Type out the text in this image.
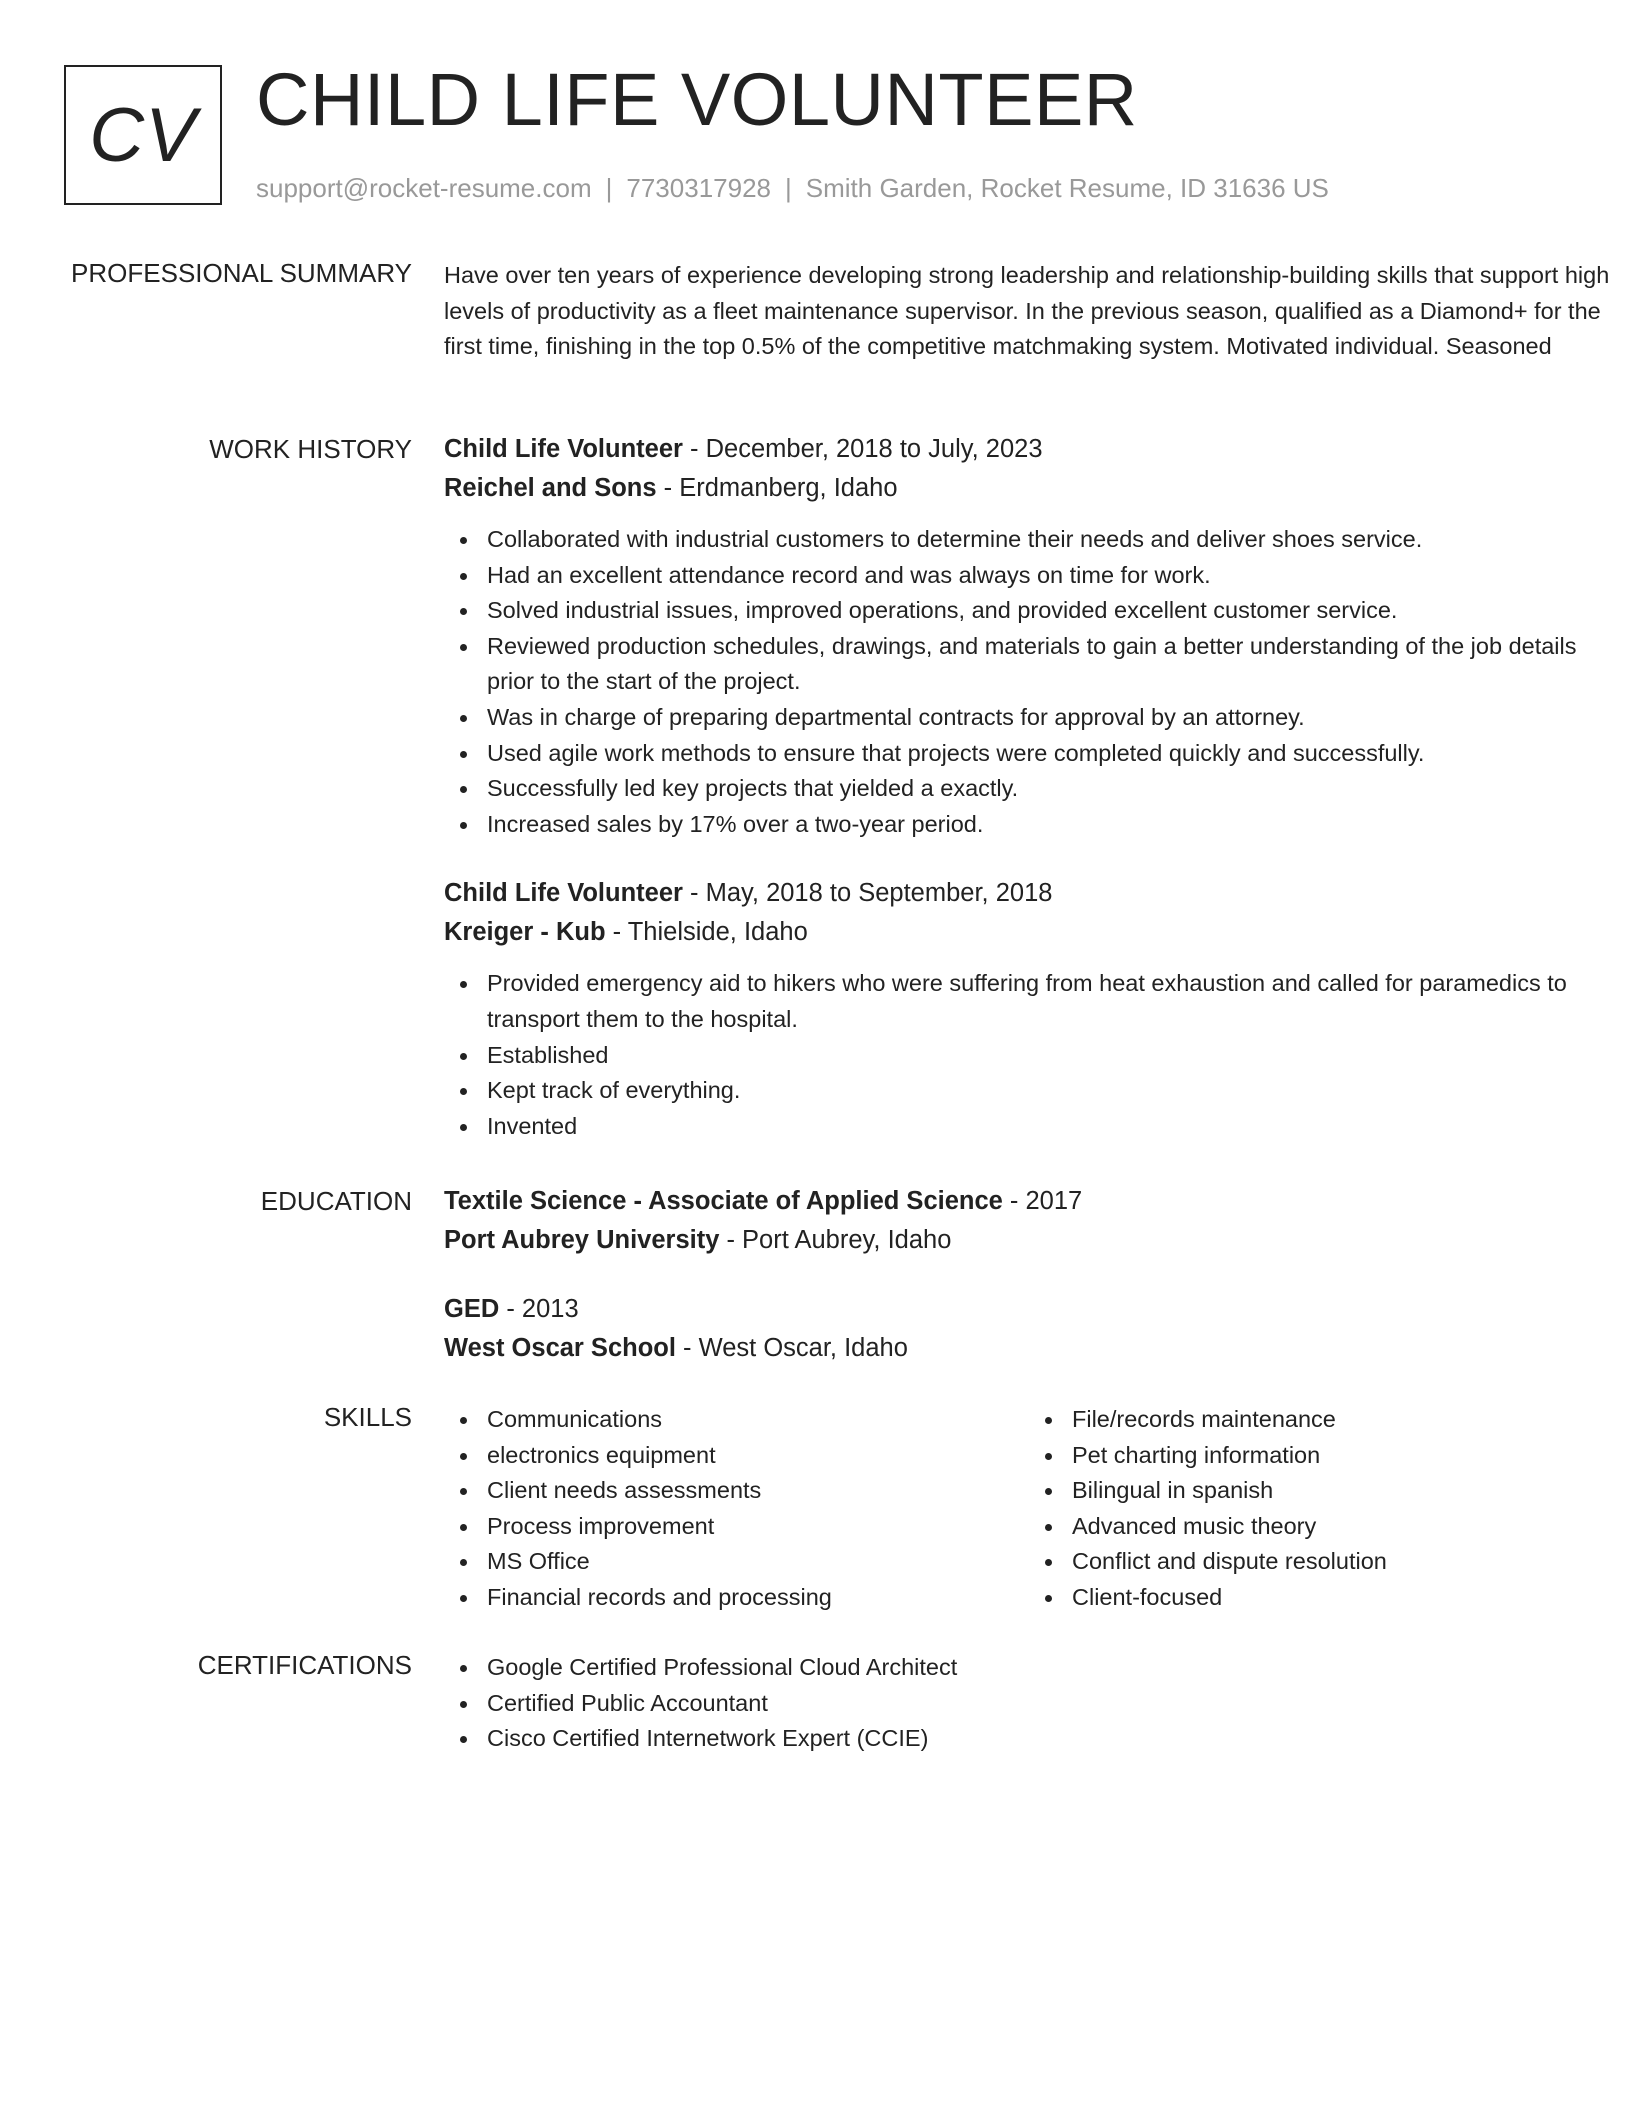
CV CHILD LIFE VOLUNTEER
support@rocket-resume.com | 7730317928 | Smith Garden, Rocket Resume, ID 31636 US
PROFESSIONAL SUMMARY Have over ten years of experience developing strong leadership and relationship-building skills that support high levels of productivity as a fleet maintenance supervisor. In the previous season, qualified as a Diamond+ for the first time, finishing in the top 0.5% of the competitive matchmaking system. Motivated individual. Seasoned

WORK HISTORY Child Life Volunteer - December, 2018 to July, 2023
Reichel and Sons - Erdmanberg, Idaho
Collaborated with industrial customers to determine their needs and deliver shoes service.
Had an excellent attendance record and was always on time for work.
Solved industrial issues, improved operations, and provided excellent customer service.
Reviewed production schedules, drawings, and materials to gain a better understanding of the job details prior to the start of the project.
Was in charge of preparing departmental contracts for approval by an attorney.
Used agile work methods to ensure that projects were completed quickly and successfully.
Successfully led key projects that yielded a exactly.
Increased sales by 17% over a two-year period.
Child Life Volunteer - May, 2018 to September, 2018
Kreiger - Kub - Thielside, Idaho
Provided emergency aid to hikers who were suffering from heat exhaustion and called for paramedics to transport them to the hospital.
Established
Kept track of everything.
Invented
EDUCATION Textile Science - Associate of Applied Science - 2017
Port Aubrey University - Port Aubrey, Idaho
GED - 2013
West Oscar School - West Oscar, Idaho
SKILLS	Communications
electronics equipment
Client needs assessments
Process improvement
MS Office
Financial records and processing
File/records maintenance
Pet charting information
Bilingual in spanish
Advanced music theory
Conflict and dispute resolution
Client-focused
CERTIFICATIONS	Google Certified Professional Cloud Architect
Certified Public Accountant
Cisco Certified Internetwork Expert (CCIE)
